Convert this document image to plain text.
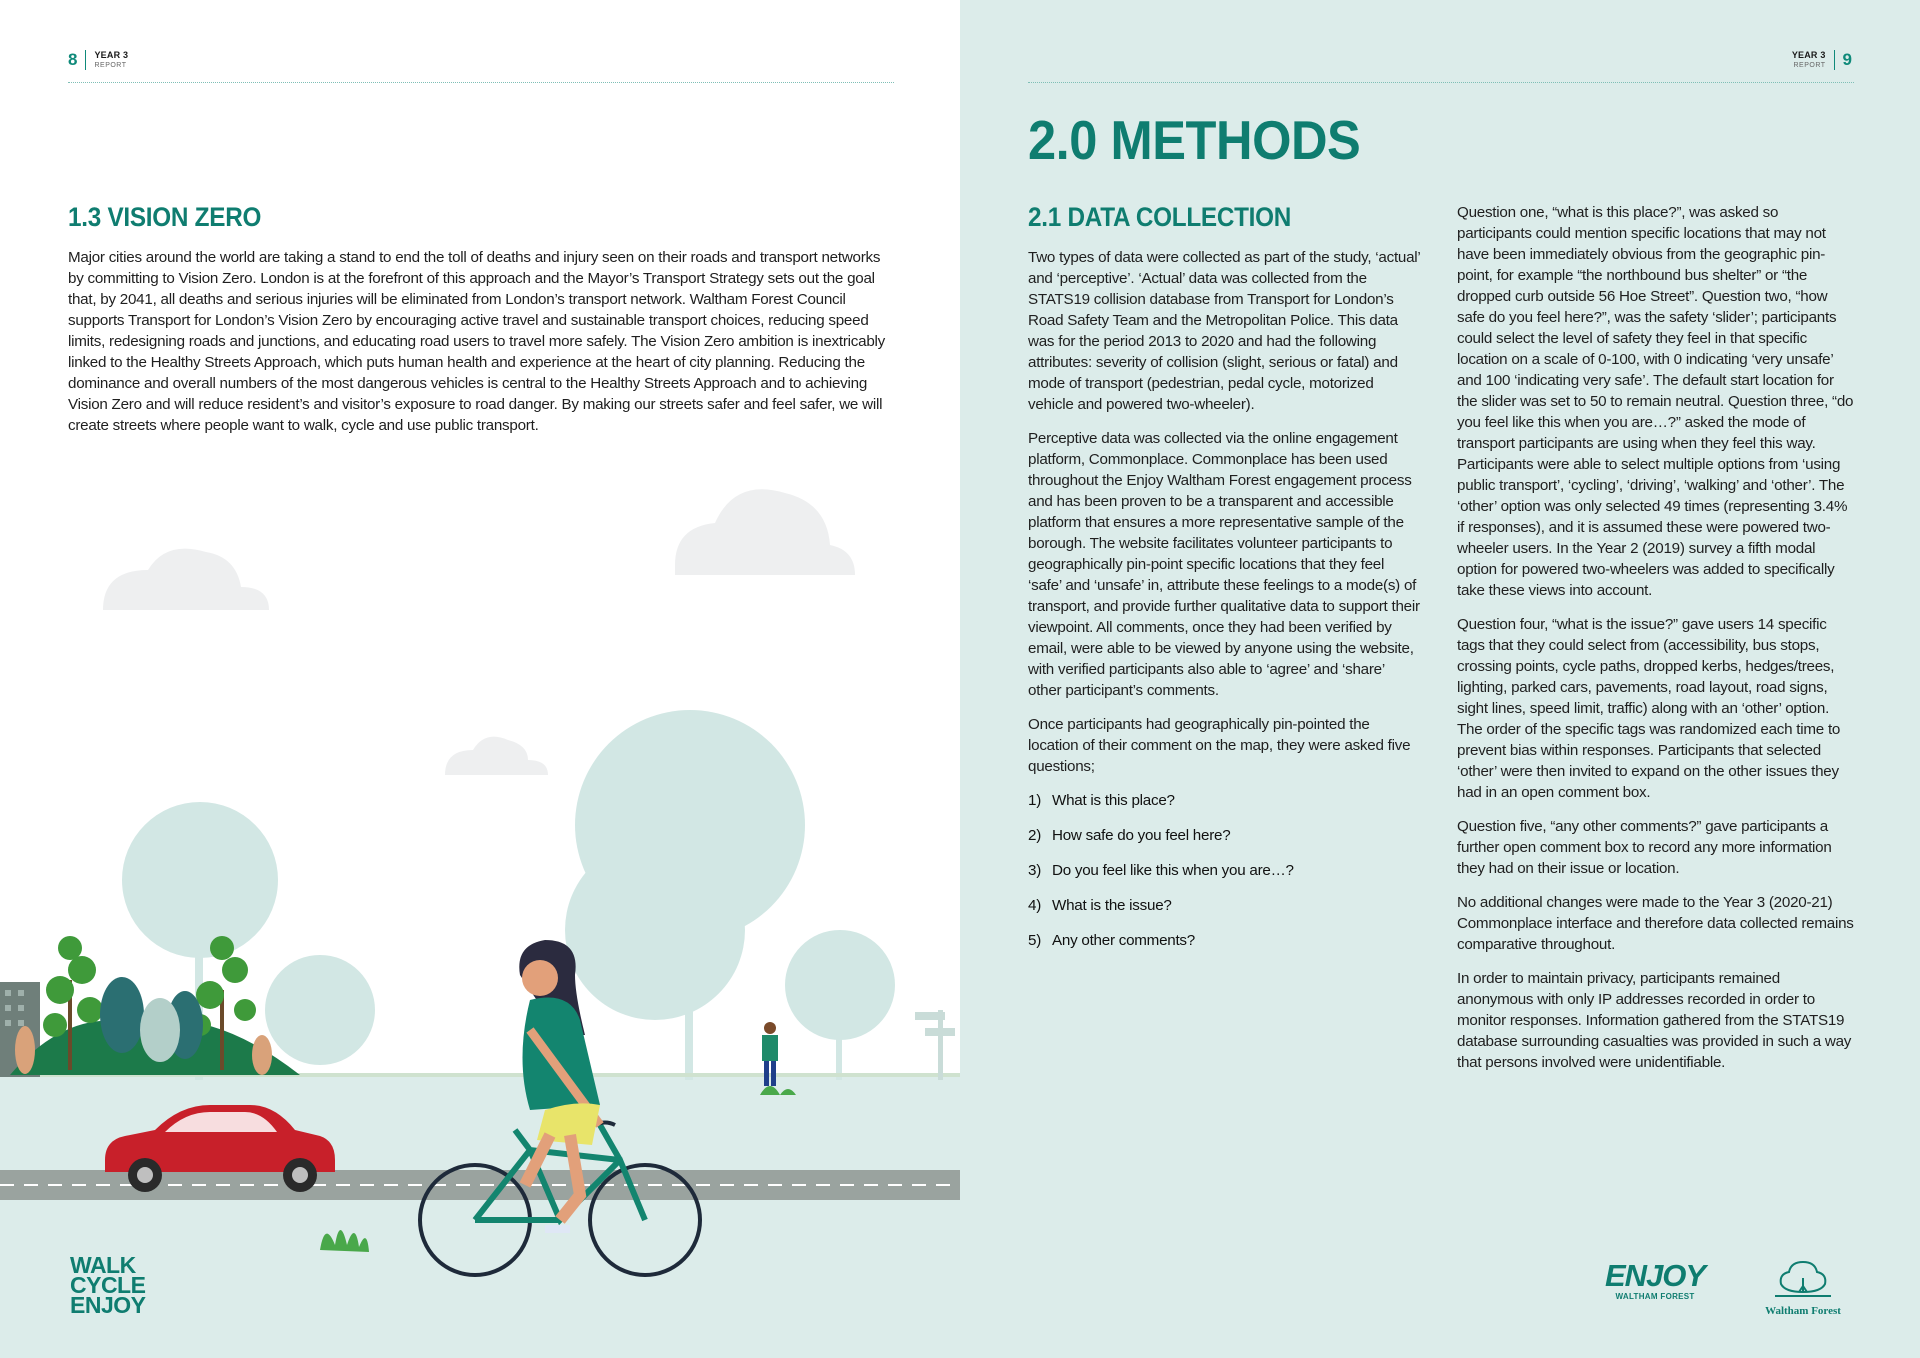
8 YEAR 3
REPORT
1.3 VISION ZERO

Major cities around the world are taking a stand to end the toll of deaths and injury seen on their roads and transport networks by committing to Vision Zero. London is at the forefront of this approach and the Mayor’s Transport Strategy sets out the goal that, by 2041, all deaths and serious injuries will be eliminated from London’s transport network. Waltham Forest Council supports Transport for London’s Vision Zero by encouraging active travel and sustainable transport choices, reducing speed limits, redesigning roads and junctions, and educating road users to travel more safely. The Vision Zero ambition is inextricably linked to the Healthy Streets Approach, which puts human health and experience at the heart of city planning. Reducing the dominance and overall numbers of the most dangerous vehicles is central to the Healthy Streets Approach and to achieving Vision Zero and will reduce resident’s and visitor’s exposure to road danger. By making our streets safer and feel safer, we will create streets where people want to walk, cycle and use public transport.

WALK
CYCLE
ENJOY
YEAR 3
REPORT 9
2.0 METHODS
2.1 DATA COLLECTION

Two types of data were collected as part of the study, ‘actual’ and ‘perceptive’. ‘Actual’ data was collected from the STATS19 collision database from Transport for London’s Road Safety Team and the Metropolitan Police. This data was for the period 2013 to 2020 and had the following attributes: severity of collision (slight, serious or fatal) and mode of transport (pedestrian, pedal cycle, motorized vehicle and powered two-wheeler).

Perceptive data was collected via the online engagement platform, Commonplace. Commonplace has been used throughout the Enjoy Waltham Forest engagement process and has been proven to be a transparent and accessible platform that ensures a more representative sample of the borough. The website facilitates volunteer participants to geographically pin-point specific locations that they feel ‘safe’ and ‘unsafe’ in, attribute these feelings to a mode(s) of transport, and provide further qualitative data to support their viewpoint. All comments, once they had been verified by email, were able to be viewed by anyone using the website, with verified participants also able to ‘agree’ and ‘share’ other participant’s comments.

Once participants had geographically pin-pointed the location of their comment on the map, they were asked five questions;

1) What is this place?
2) How safe do you feel here?
3) Do you feel like this when you are…?
4) What is the issue?
5) Any other comments?

Question one, “what is this place?”, was asked so participants could mention specific locations that may not have been immediately obvious from the geographic pin-point, for example “the northbound bus shelter” or “the dropped curb outside 56 Hoe Street”. Question two, “how safe do you feel here?”, was the safety ‘slider’; participants could select the level of safety they feel in that specific location on a scale of 0-100, with 0 indicating ‘very unsafe’ and 100 ‘indicating very safe’. The default start location for the slider was set to 50 to remain neutral. Question three, “do you feel like this when you are…?” asked the mode of transport participants are using when they feel this way. Participants were able to select multiple options from ‘using public transport’, ‘cycling’, ‘driving’, ‘walking’ and ‘other’. The ‘other’ option was only selected 49 times (representing 3.4% if responses), and it is assumed these were powered two-wheeler users. In the Year 2 (2019) survey a fifth modal option for powered two-wheelers was added to specifically take these views into account.

Question four, “what is the issue?” gave users 14 specific tags that they could select from (accessibility, bus stops, crossing points, cycle paths, dropped kerbs, hedges/trees, lighting, parked cars, pavements, road layout, road signs, sight lines, speed limit, traffic) along with an ‘other’ option. The order of the specific tags was randomized each time to prevent bias within responses. Participants that selected ‘other’ were then invited to expand on the other issues they had in an open comment box.

Question five, “any other comments?” gave participants a further open comment box to record any more information they had on their issue or location.

No additional changes were made to the Year 3 (2020-21) Commonplace interface and therefore data collected remains comparative throughout.

In order to maintain privacy, participants remained anonymous with only IP addresses recorded in order to monitor responses. Information gathered from the STATS19 database surrounding casualties was provided in such a way that persons involved were unidentifiable.

ENJOY
WALTHAM FOREST
Waltham Forest
